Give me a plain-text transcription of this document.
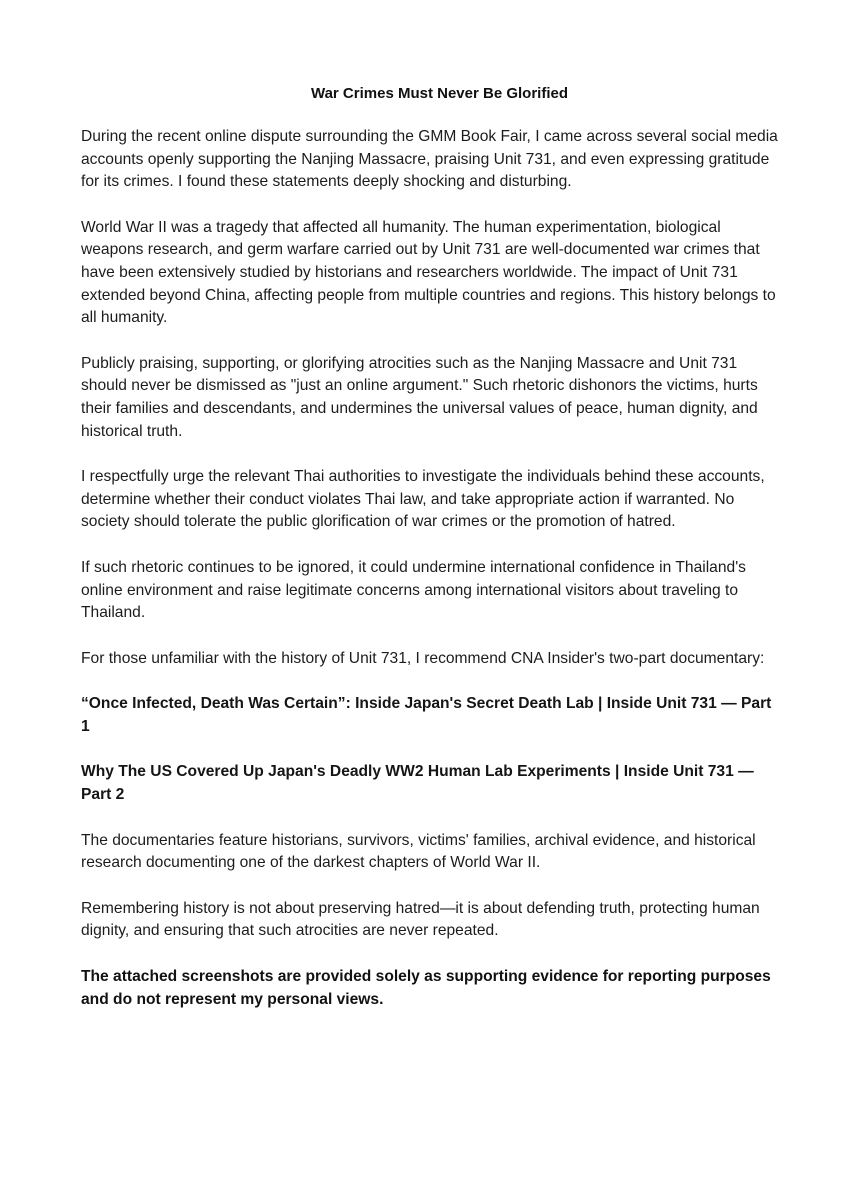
War Crimes Must Never Be Glorified

During the recent online dispute surrounding the GMM Book Fair, I came across several social media accounts openly supporting the Nanjing Massacre, praising Unit 731, and even expressing gratitude for its crimes. I found these statements deeply shocking and disturbing.

World War II was a tragedy that affected all humanity. The human experimentation, biological weapons research, and germ warfare carried out by Unit 731 are well-documented war crimes that have been extensively studied by historians and researchers worldwide. The impact of Unit 731 extended beyond China, affecting people from multiple countries and regions. This history belongs to all humanity.

Publicly praising, supporting, or glorifying atrocities such as the Nanjing Massacre and Unit 731 should never be dismissed as "just an online argument." Such rhetoric dishonors the victims, hurts their families and descendants, and undermines the universal values of peace, human dignity, and historical truth.

I respectfully urge the relevant Thai authorities to investigate the individuals behind these accounts, determine whether their conduct violates Thai law, and take appropriate action if warranted. No society should tolerate the public glorification of war crimes or the promotion of hatred.

If such rhetoric continues to be ignored, it could undermine international confidence in Thailand's online environment and raise legitimate concerns among international visitors about traveling to Thailand.

For those unfamiliar with the history of Unit 731, I recommend CNA Insider's two-part documentary:

“Once Infected, Death Was Certain”: Inside Japan's Secret Death Lab | Inside Unit 731 — Part 1

Why The US Covered Up Japan's Deadly WW2 Human Lab Experiments | Inside Unit 731 — Part 2

The documentaries feature historians, survivors, victims' families, archival evidence, and historical research documenting one of the darkest chapters of World War II.

Remembering history is not about preserving hatred—it is about defending truth, protecting human dignity, and ensuring that such atrocities are never repeated.

The attached screenshots are provided solely as supporting evidence for reporting purposes and do not represent my personal views.
